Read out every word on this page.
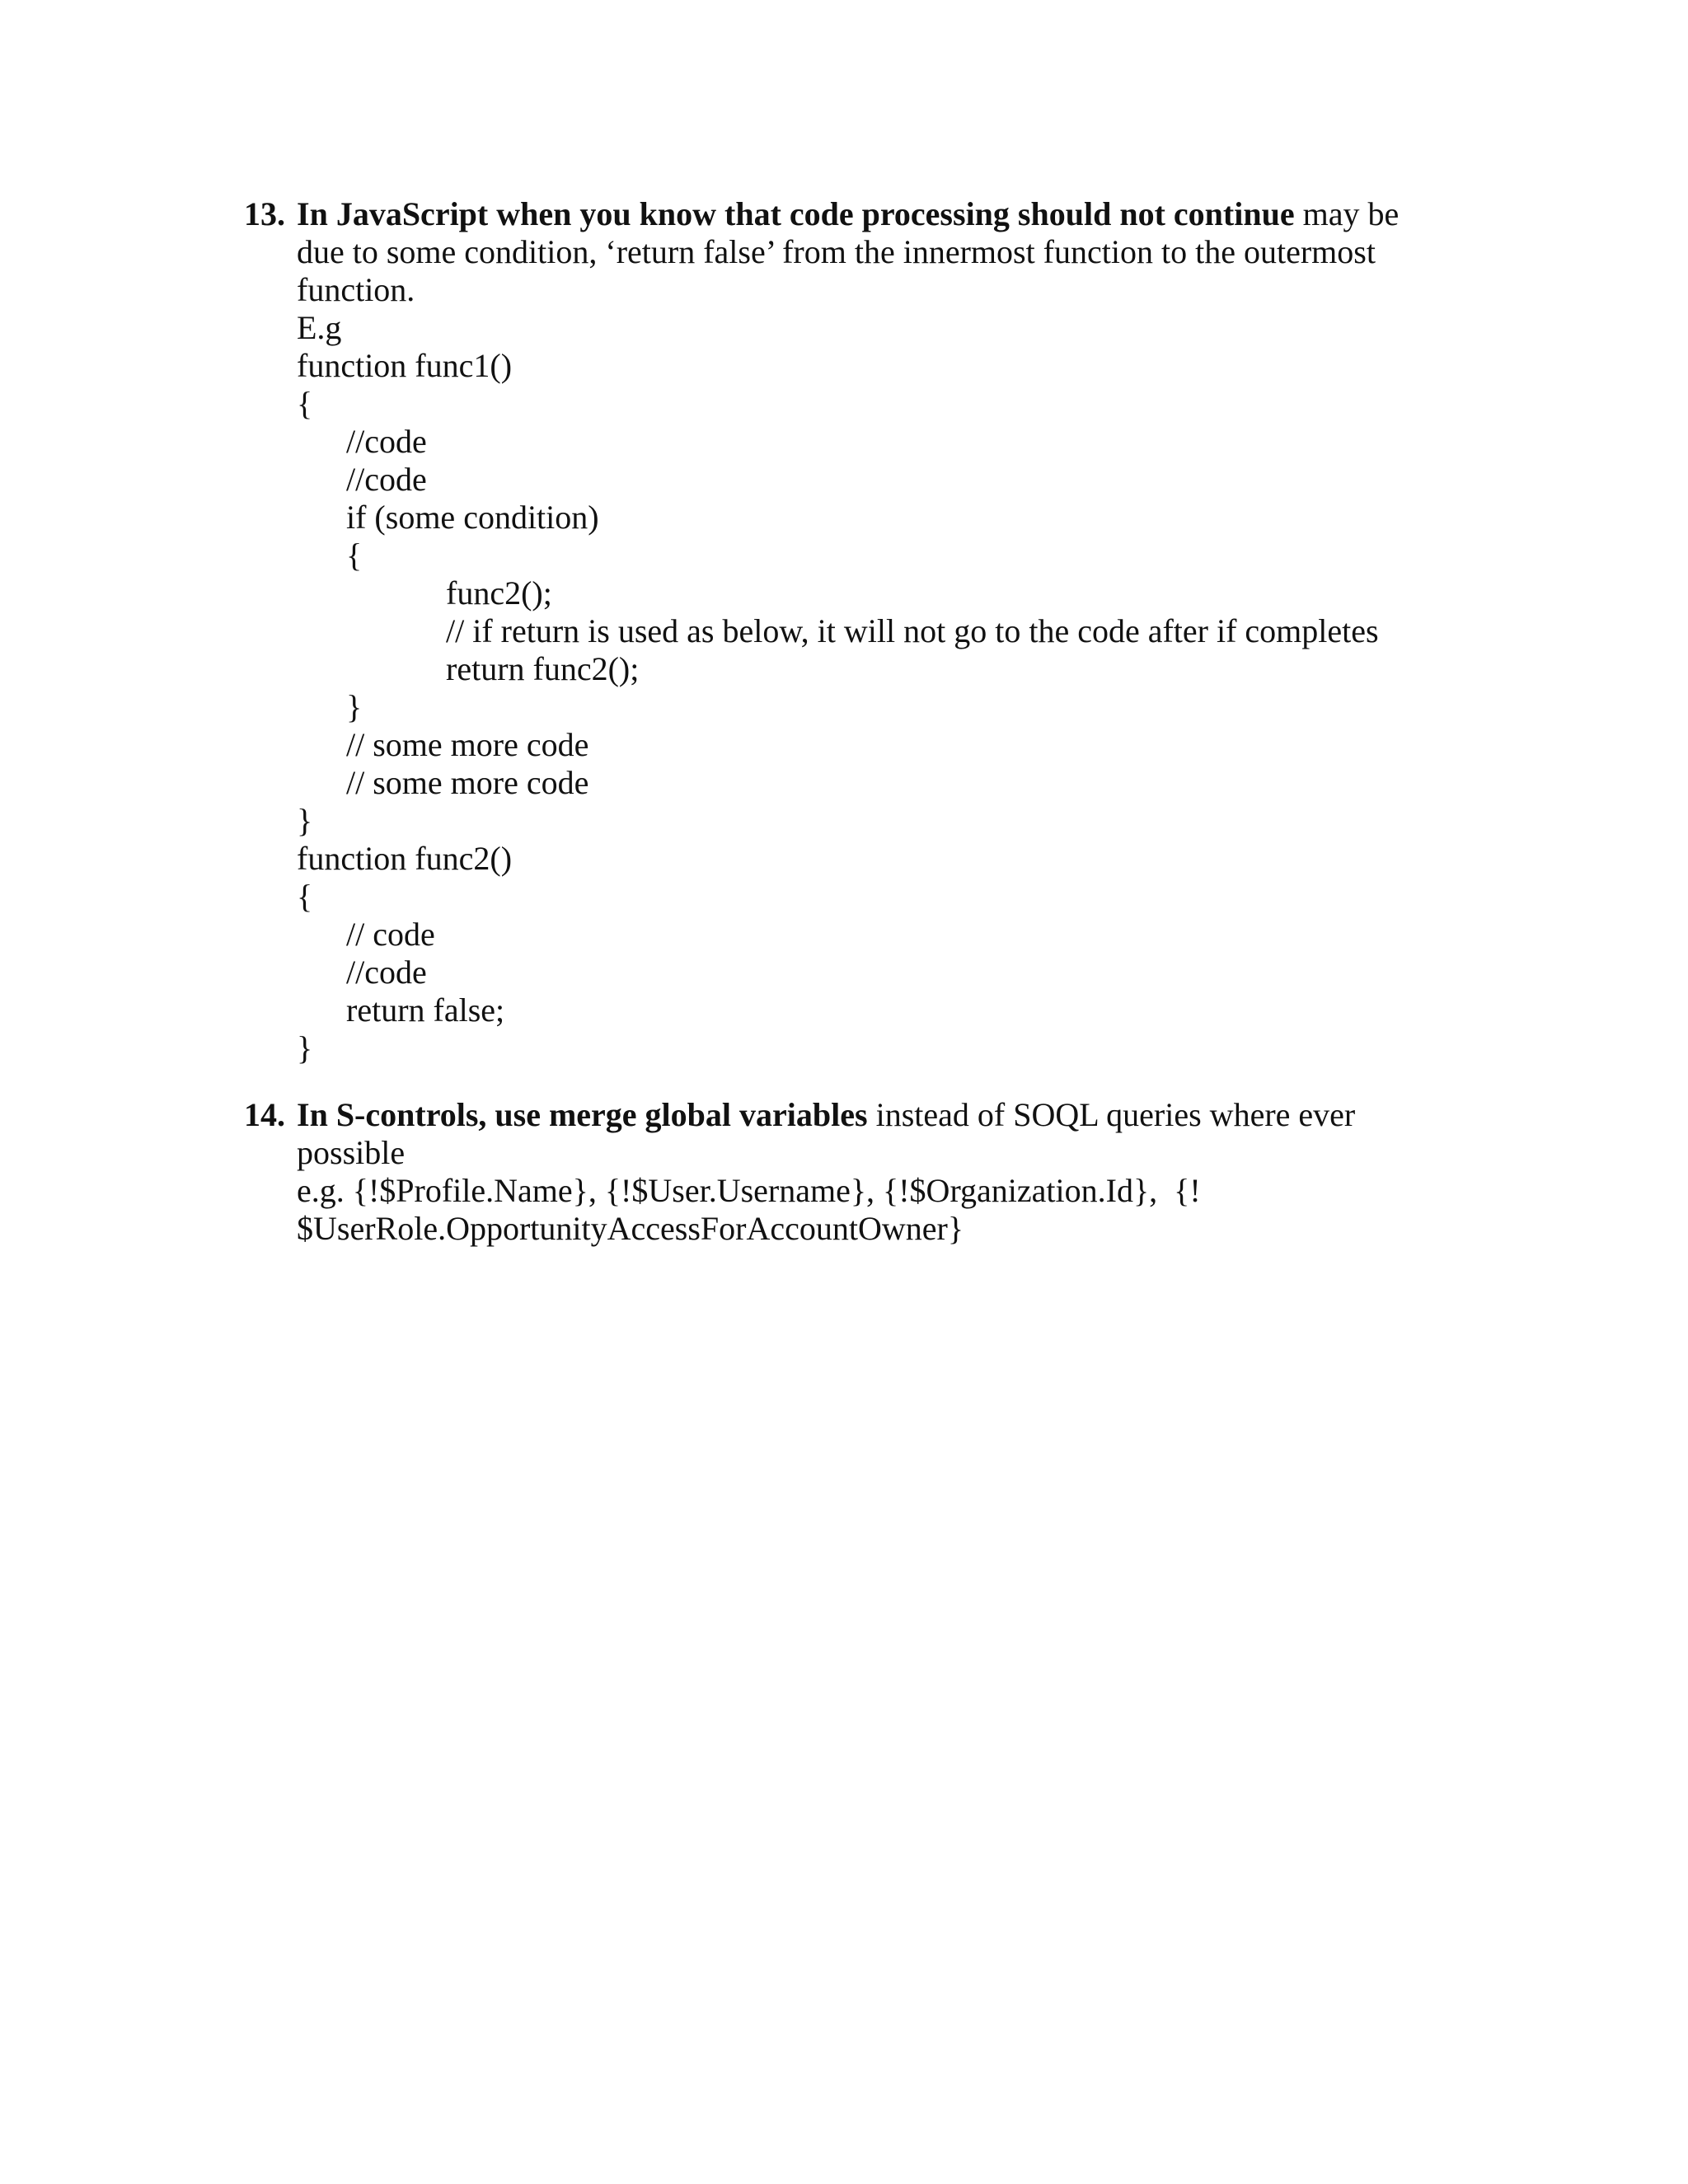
13.

In JavaScript when you know that code processing should not continue may be

due to some condition, ‘return false’ from the innermost function to the outermost
function.
E.g
function func1()
{
//code
//code
if (some condition)
{
func2();
// if return is used as below, it will not go to the code after if completes
return func2();
}
// some more code
// some more code
}
function func2()
{
// code
//code
return false;
}

14.

In S-controls, use merge global variables instead of SOQL queries where ever

possible
e.g. {!$Profile.Name}, {!$User.Username}, {!$Organization.Id},  {!
$UserRole.OpportunityAccessForAccountOwner}
